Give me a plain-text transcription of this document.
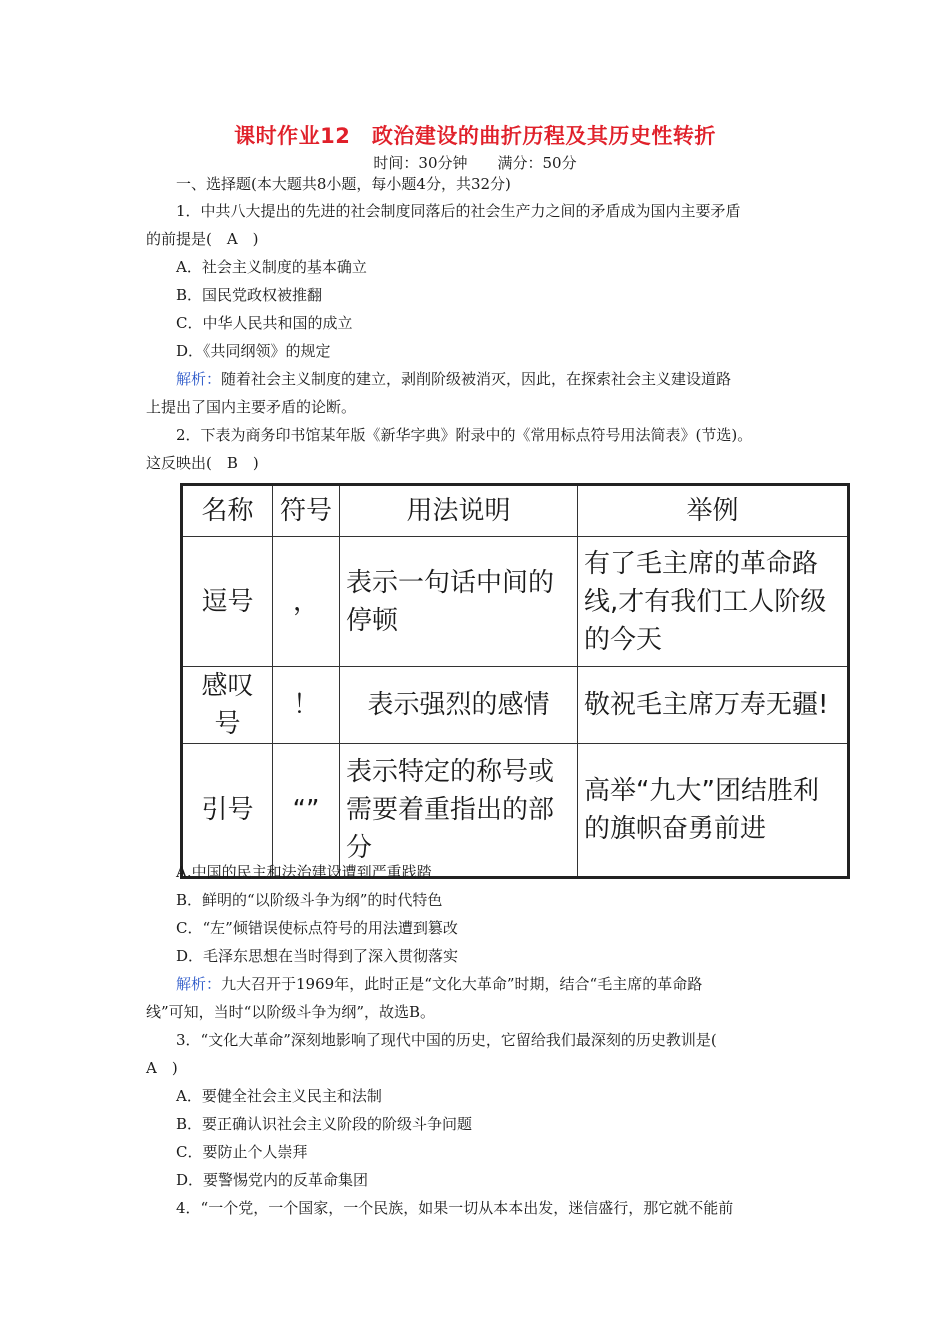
课时作业12　政治建设的曲折历程及其历史性转折
时间：30分钟　　满分：50分
一、选择题(本大题共8小题，每小题4分，共32分)
1．中共八大提出的先进的社会制度同落后的社会生产力之间的矛盾成为国内主要矛盾
的前提是(　A　)
A．社会主义制度的基本确立
B．国民党政权被推翻
C．中华人民共和国的成立
D．《共同纲领》的规定
解析：随着社会主义制度的建立，剥削阶级被消灭，因此，在探索社会主义建设道路
上提出了国内主要矛盾的论断。
2．下表为商务印书馆某年版《新华字典》附录中的《常用标点符号用法简表》(节选)。
这反映出(　B　)
名称	符号	用法说明	举例
逗号	，	表示一句话中间的停顿	有了毛主席的革命路线,才有我们工人阶级的今天
感叹号	！	表示强烈的感情	敬祝毛主席万寿无疆!
引号	“”	表示特定的称号或需要着重指出的部分	高举“九大”团结胜利的旗帜奋勇前进
A.中国的民主和法治建设遭到严重践踏
B．鲜明的“以阶级斗争为纲”的时代特色
C．“左”倾错误使标点符号的用法遭到篡改
D．毛泽东思想在当时得到了深入贯彻落实
解析：九大召开于1969年，此时正是“文化大革命”时期，结合“毛主席的革命路
线”可知，当时“以阶级斗争为纲”，故选B。
3．“文化大革命”深刻地影响了现代中国的历史，它留给我们最深刻的历史教训是(
A　)
A．要健全社会主义民主和法制
B．要正确认识社会主义阶段的阶级斗争问题
C．要防止个人崇拜
D．要警惕党内的反革命集团
4．“一个党，一个国家，一个民族，如果一切从本本出发，迷信盛行，那它就不能前
